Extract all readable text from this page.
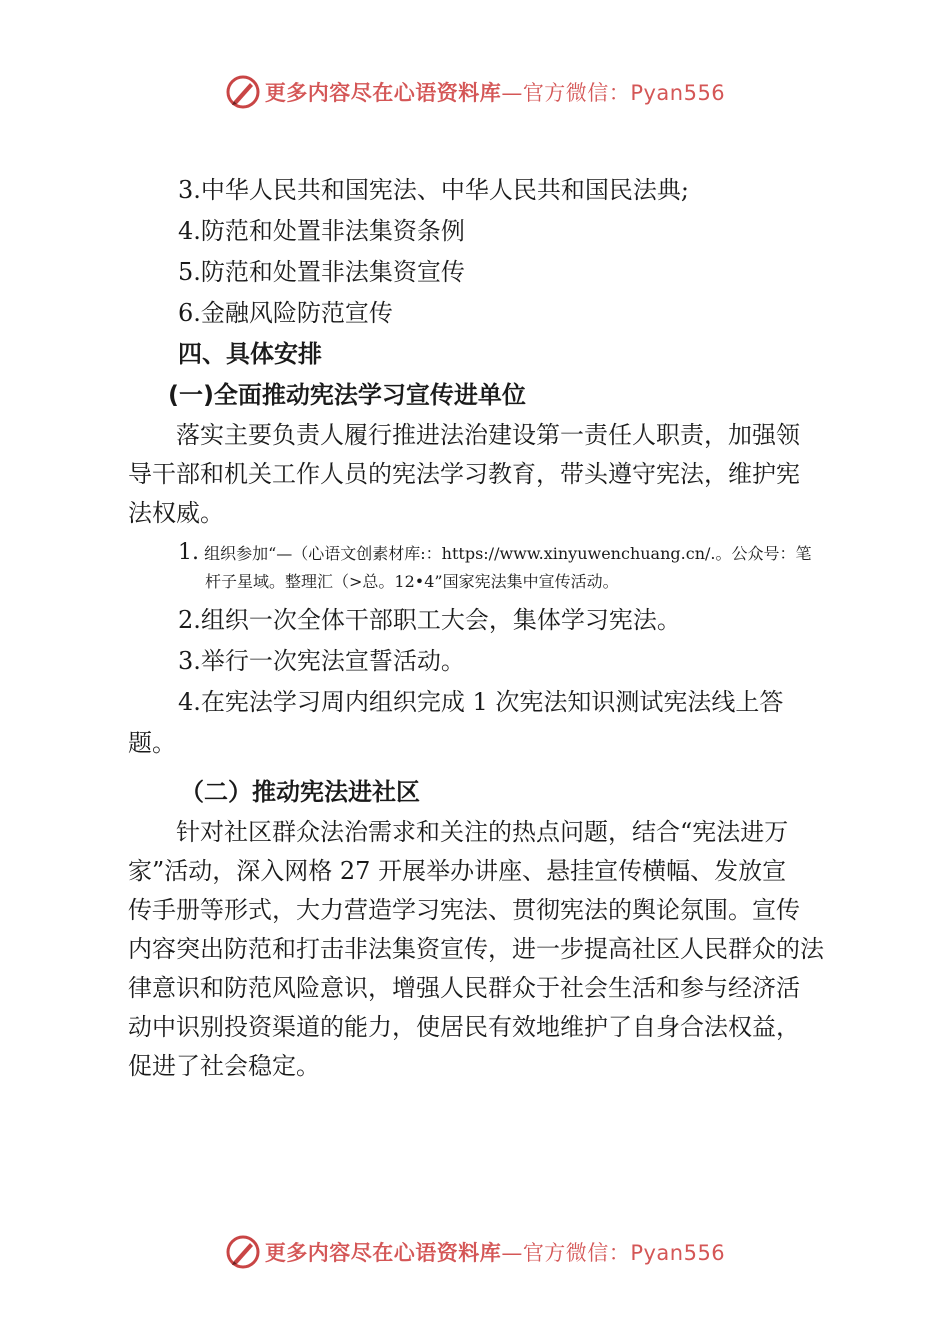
更多内容尽在心语资料库—官方微信：Pyan556
3.中华人民共和国宪法、中华人民共和国民法典;
4.防范和处置非法集资条例
5.防范和处置非法集资宣传
6.金融风险防范宣传
四、具体安排
(一)全面推动宪法学习宣传进单位

落实主要负责人履行推进法治建设第一责任人职责，加强领

导干部和机关工作人员的宪法学习教育，带头遵守宪法，维护宪

法权威。

1. 组织参加“—（心语文创素材库:：https://www.xinyuwenchuang.cn/.。公众号：笔
杆子星域。整理汇（>总。12•4”国家宪法集中宣传活动。
2.组织一次全体干部职工大会，集体学习宪法。
3.举行一次宪法宣誓活动。
4.在宪法学习周内组织完成 1 次宪法知识测试宪法线上答
题。
（二）推动宪法进社区

针对社区群众法治需求和关注的热点问题，结合“宪法进万

家”活动，深入网格 27 开展举办讲座、悬挂宣传横幅、发放宣

传手册等形式，大力营造学习宪法、贯彻宪法的舆论氛围。宣传

内容突出防范和打击非法集资宣传，进一步提高社区人民群众的法

律意识和防范风险意识，增强人民群众于社会生活和参与经济活

动中识别投资渠道的能力，使居民有效地维护了自身合法权益，

促进了社会稳定。

更多内容尽在心语资料库—官方微信：Pyan556
